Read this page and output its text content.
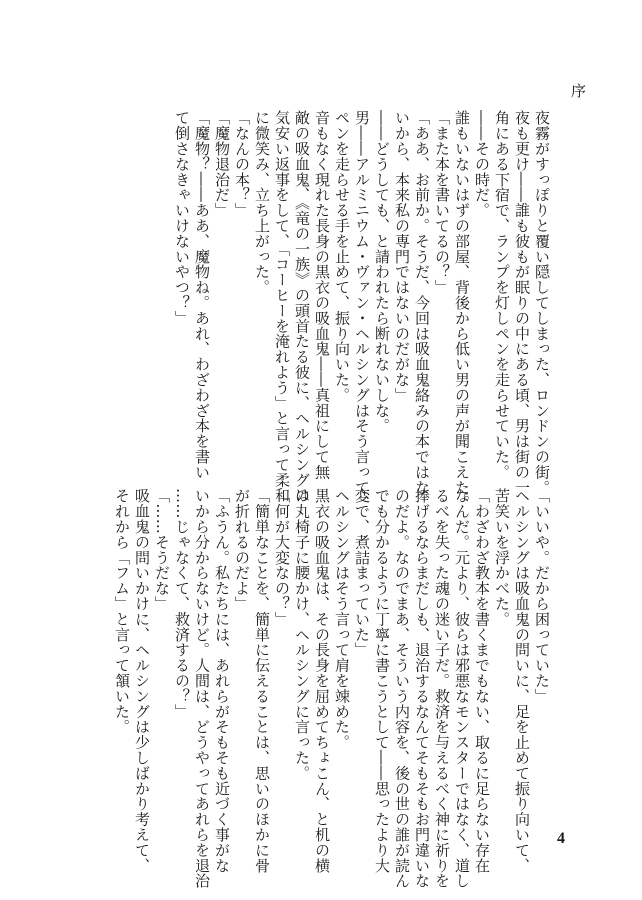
序
夜霧がすっぽりと覆い隠してしまった、ロンドンの街。
夜も更け――誰も彼もが眠りの中にある頃、男は街の一
角にある下宿で、ランプを灯しペンを走らせていた。
――その時だ。
誰もいないはずの部屋、背後から低い男の声が聞こえた。
「また本を書いてるの？」
「ああ、お前か。そうだ、今回は吸血鬼絡みの本ではな
いから、本来私の専門ではないのだがな」
――どうしても、と請われたら断れないしな。
男――アルミニウム・ヴァン・ヘルシングはそう言って、
ペンを走らせる手を止めて、振り向いた。
音もなく現れた長身の黒衣の吸血鬼――真祖にして無
敵の吸血鬼、《竜の一族》の頭首たる彼に、ヘルシングは
気安い返事をして、「コーヒーを淹れよう」と言って柔和
に微笑み、立ち上がった。
「なんの本？」
「魔物退治だ」
「魔物？――ああ、魔物ね。あれ、わざわざ本を書い
て倒さなきゃいけないやつ？」
「いいや。だから困っていた」
ヘルシングは吸血鬼の問いに、足を止めて振り向いて、
苦笑いを浮かべた。
「わざわざ教本を書くまでもない、取るに足らない存在
なんだ。元より、彼らは邪悪なモンスターではなく、道し
るべを失った魂の迷い子だ。救済を与えるべく神に祈りを
捧げるならまだしも、退治するなんてそもそもお門違いな
のだよ。なのでまあ、そういう内容を、後の世の誰が読ん
でも分かるように丁寧に書こうとして――思ったより大
変で、煮詰まっていた」
ヘルシングはそう言って肩を竦めた。
黒衣の吸血鬼は、その長身を屈めてちょこん、と机の横
の丸椅子に腰かけ、ヘルシングに言った。
「何が大変なの？」
「簡単なことを、簡単に伝えることは、思いのほかに骨
が折れるのだよ」
「ふうん。私たちには、あれらがそもそも近づく事がな
いから分からないけど。人間は、どうやってあれらを退治
……じゃなくて、救済するの？」
「……そうだな」
吸血鬼の問いかけに、ヘルシングは少しばかり考えて、
それから「フム」と言って頷いた。
4
